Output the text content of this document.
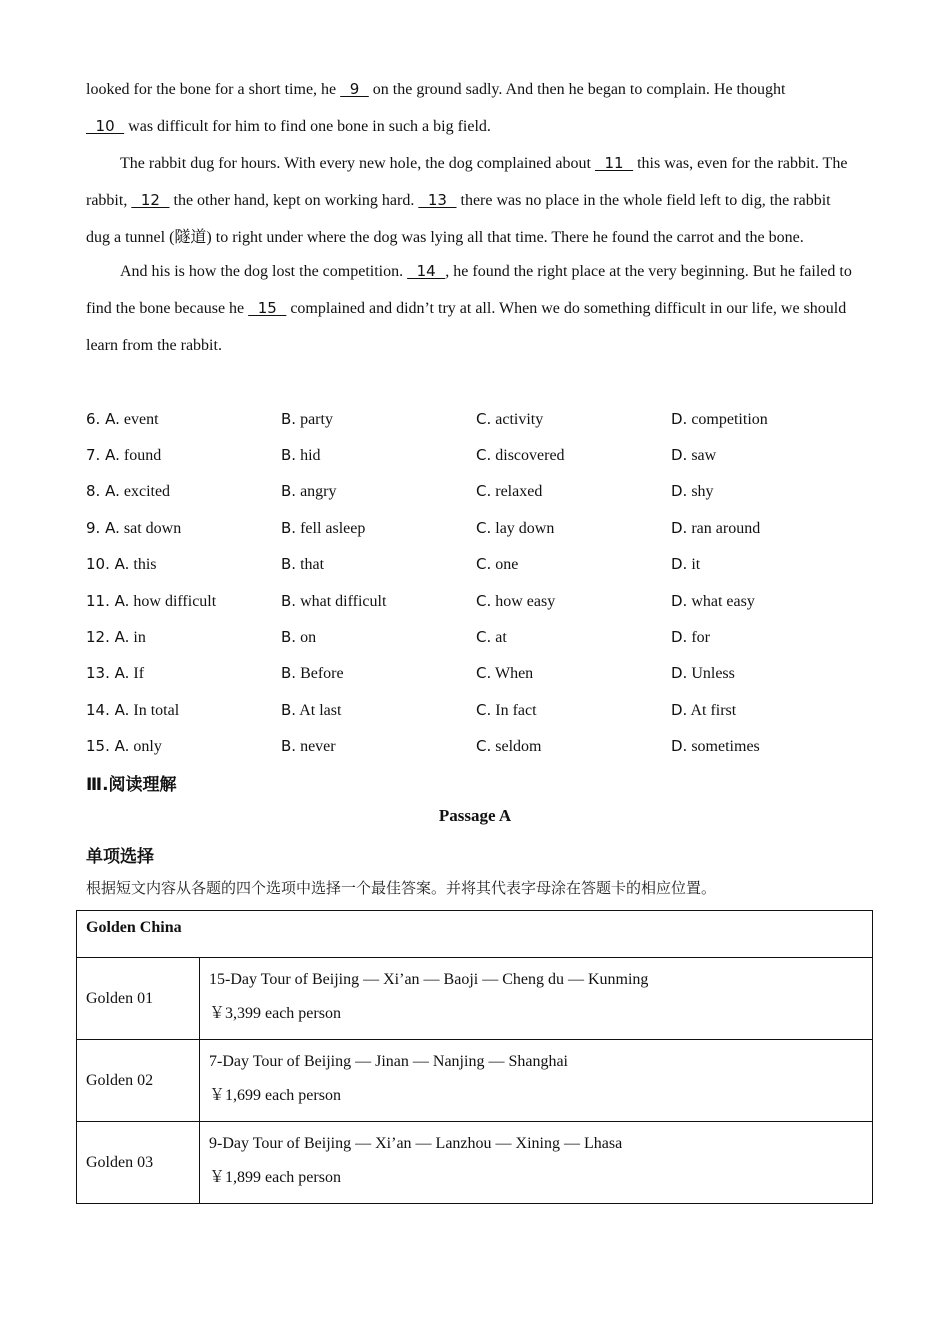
looked for the bone for a short time, he   9   on the ground sadly. And then he began to complain. He thought
10   was difficult for him to find one bone in such a big field.

The rabbit dug for hours. With every new hole, the dog complained about   11   this was, even for the rabbit. The rabbit,   12   the other hand, kept on working hard.   13   there was no place in the whole field left to dig, the rabbit dug a tunnel (隧道) to right under where the dog was lying all that time. There he found the carrot and the bone.

And his is how the dog lost the competition.   14  , he found the right place at the very beginning. But he failed to find the bone because he   15   complained and didn’t try at all. When we do something difficult in our life, we should learn from the rabbit.

6. A. event	B. party	C. activity	D. competition
7. A. found	B. hid	C. discovered	D. saw
8. A. excited	B. angry	C. relaxed	D. shy
9. A. sat down	B. fell asleep	C. lay down	D. ran around
10. A. this	B. that	C. one	D. it
11. A. how difficult	B. what difficult	C. how easy	D. what easy
12. A. in	B. on	C. at	D. for
13. A. If	B. Before	C. When	D. Unless
14. A. In total	B. At last	C. In fact	D. At first
15. A. only	B. never	C. seldom	D. sometimes
Ⅲ.阅读理解
Passage A
单项选择
根据短文内容从各题的四个选项中选择一个最佳答案。并将其代表字母涂在答题卡的相应位置。
Golden China	
Golden 01	15-Day Tour of Beijing — Xi’an — Baoji — Cheng du — Kunming
￥3,399 each person

Golden 02	7-Day Tour of Beijing — Jinan — Nanjing — Shanghai
￥1,699 each person

Golden 03	9-Day Tour of Beijing — Xi’an — Lanzhou — Xining — Lhasa
￥1,899 each person
